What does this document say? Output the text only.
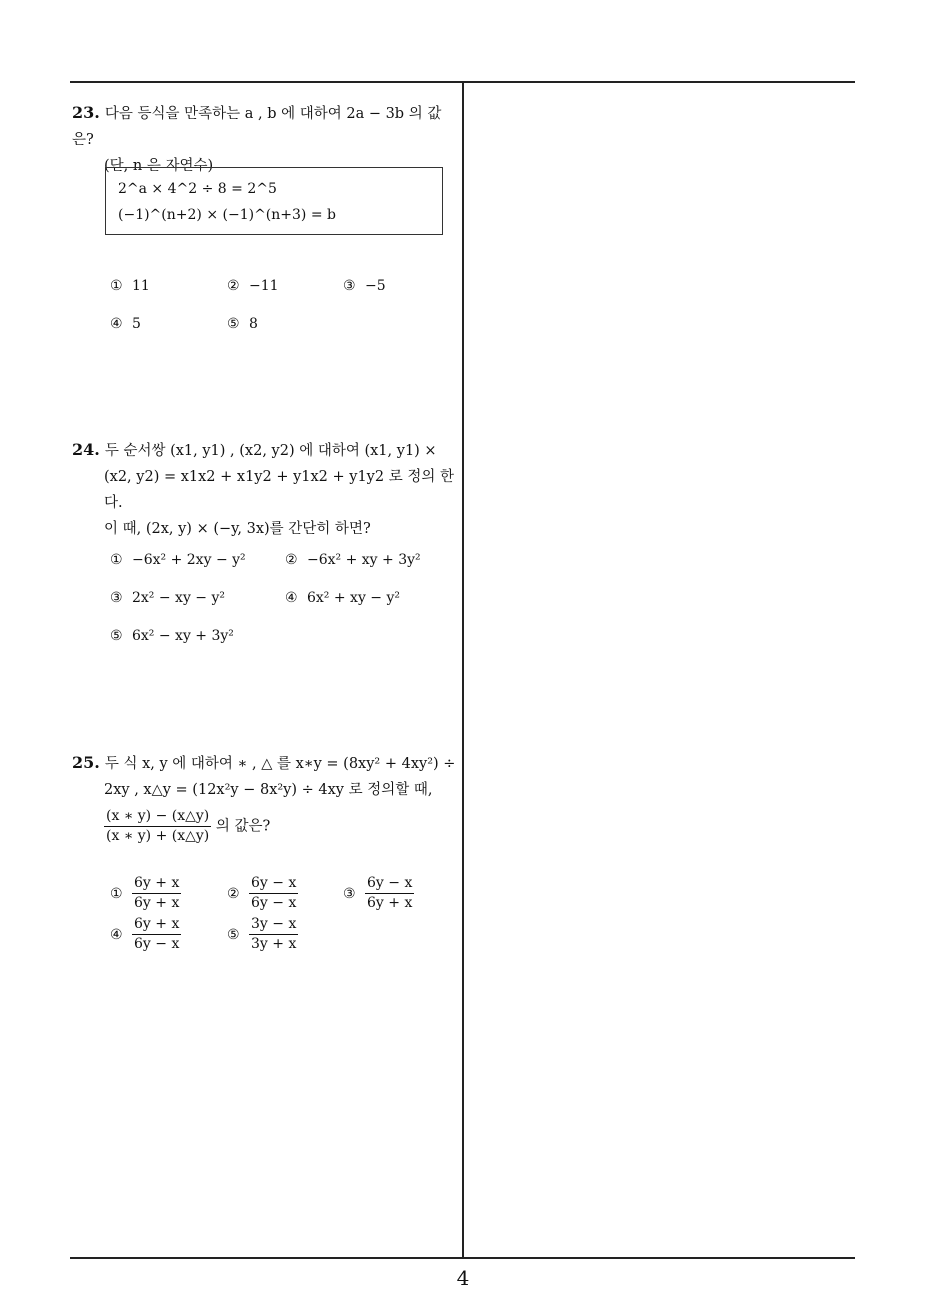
23. 다음 등식을 만족하는 a , b 에 대하여 2a − 3b 의 값은?
(단, n 은 자연수)
2^a × 4^2 ÷ 8 = 2^5
(−1)^(n+2) × (−1)^(n+3) = b
① 11	② −11	③ −5
④ 5	⑤ 8
24. 두 순서쌍 (x1, y1) , (x2, y2) 에 대하여 (x1, y1) ×
(x2, y2) = x1x2 + x1y2 + y1x2 + y1y2 로 정의 한다.
이 때, (2x, y) × (−y, 3x)를 간단히 하면?
① −6x² + 2xy − y²	② −6x² + xy + 3y²
③ 2x² − xy − y²	④ 6x² + xy − y²
⑤ 6x² − xy + 3y²
25. 두 식 x, y 에 대하여 ∗ , △ 를 x∗y = (8xy² + 4xy²) ÷
2xy , x△y = (12x²y − 8x²y) ÷ 4xy 로 정의할 때,
$\frac{(x ∗ y) - (x\triangle y)}{(x ∗ y) + (x\triangle y)}$ 의 값은?
① $\frac{6y + x}{6y + x}$	② $\frac{6y - x}{6y - x}$	③ $\frac{6y - x}{6y + x}$
④ $\frac{6y + x}{6y - x}$	⑤ $\frac{3y - x}{3y + x}$
4
